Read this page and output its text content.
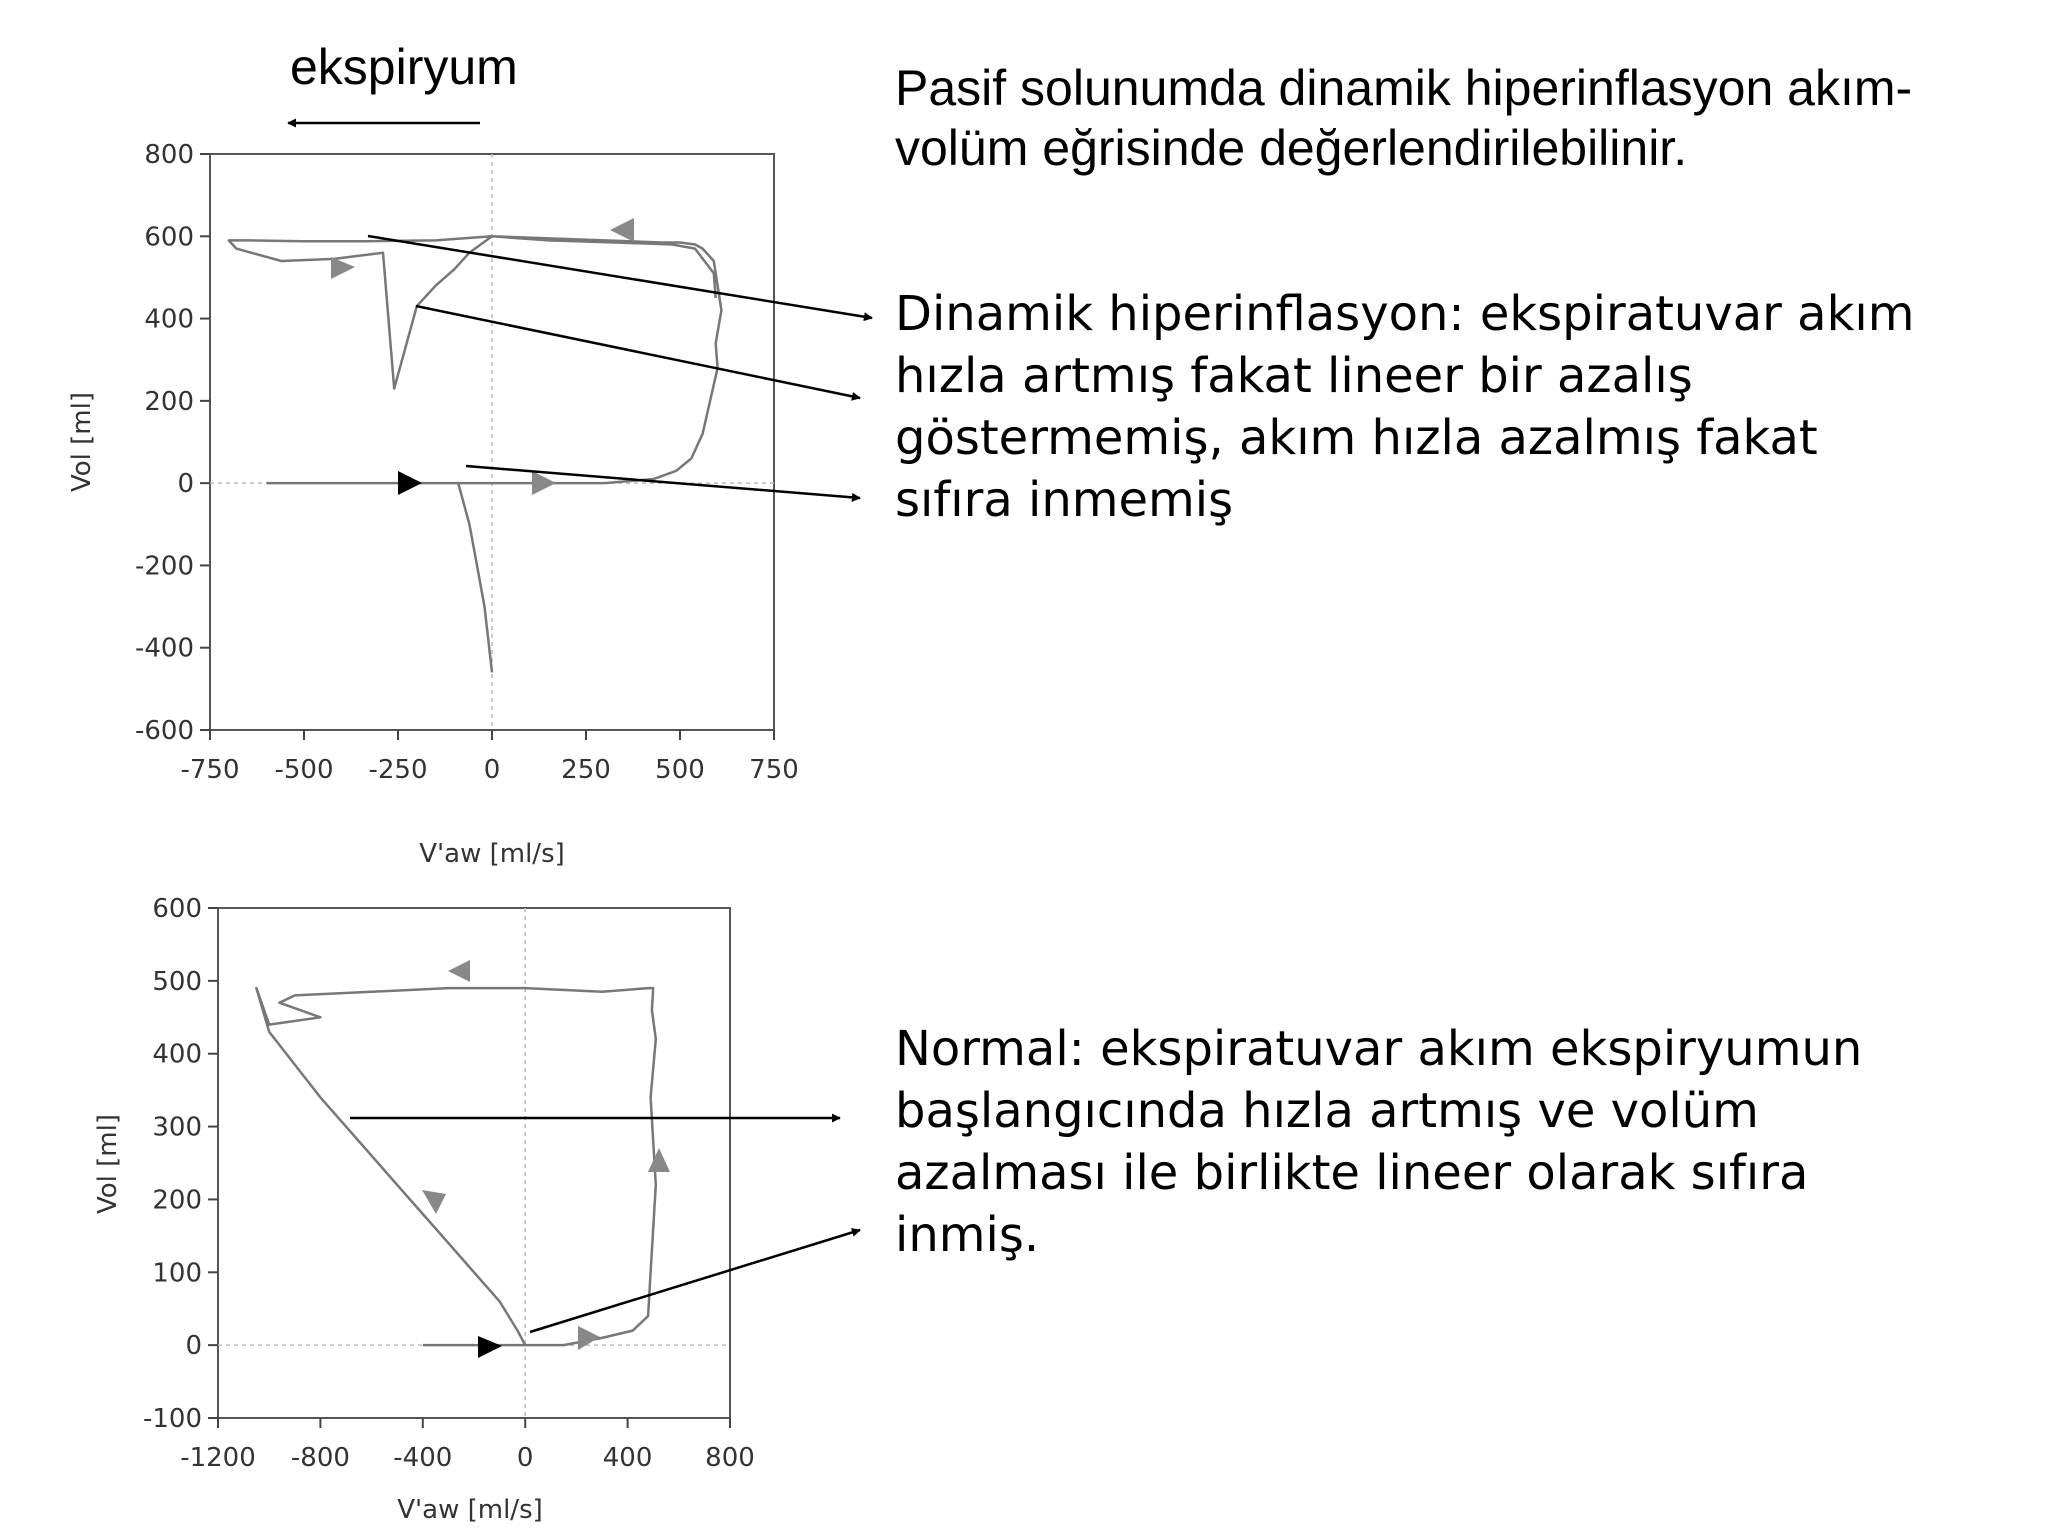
-750 -500 -250 0 250 500 750
-600
-400
-200
0
200
400
600
800
V'aw [ml/s]
Vol [ml]
-1200 -800 -400 0	400 800
-100
0
100
200
300
400
500
600
V'aw [ml/s]
Vol [ml]
ekspiryum	Pasif solunumda dinamik hiperinflasyon akım-
volüm eğrisinde değerlendirilebilinir.
Dinamik hiperinflasyon: ekspiratuvar akım
hızla artmış fakat lineer bir azalış
göstermemiş, akım hızla azalmış fakat
sıfıra inmemiş
Normal: ekspiratuvar akım ekspiryumun
başlangıcında hızla artmış ve volüm
azalması ile birlikte lineer olarak sıfıra
inmiş.
